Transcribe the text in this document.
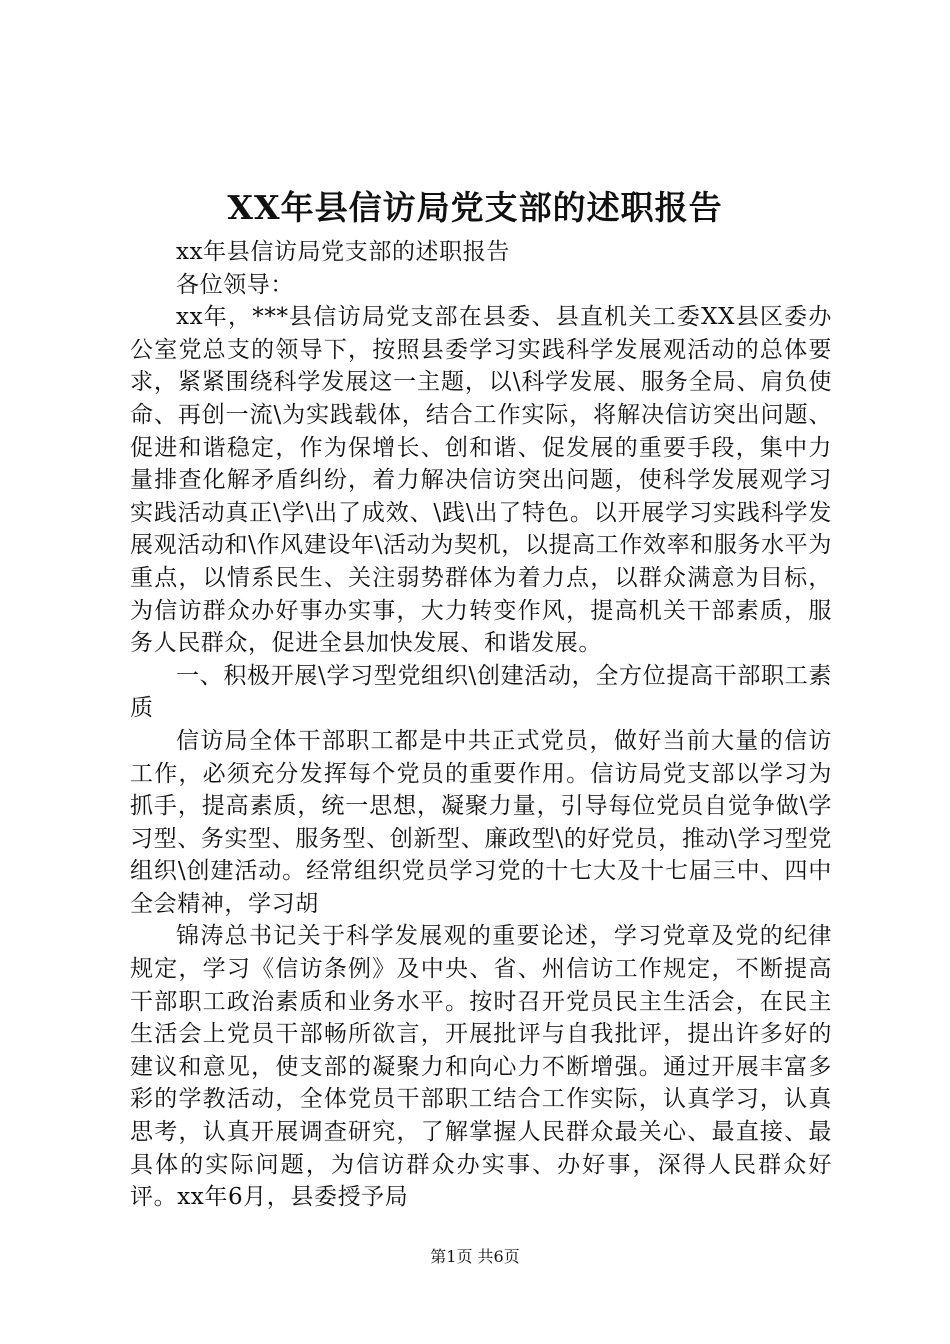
XX年县信访局党支部的述职报告

xx年县信访局党支部的述职报告

各位领导：

xx年，***县信访局党支部在县委、县直机关工委XX县区委办公室党总支的领导下，按照县委学习实践科学发展观活动的总体要求，紧紧围绕科学发展这一主题，以\科学发展、服务全局、肩负使命、再创一流\为实践载体，结合工作实际，将解决信访突出问题、促进和谐稳定，作为保增长、创和谐、促发展的重要手段，集中力量排查化解矛盾纠纷，着力解决信访突出问题，使科学发展观学习实践活动真正\学\出了成效、\践\出了特色。以开展学习实践科学发展观活动和\作风建设年\活动为契机，以提高工作效率和服务水平为重点，以情系民生、关注弱势群体为着力点，以群众满意为目标，为信访群众办好事办实事，大力转变作风，提高机关干部素质，服务人民群众，促进全县加快发展、和谐发展。

一、积极开展\学习型党组织\创建活动，全方位提高干部职工素质

信访局全体干部职工都是中共正式党员，做好当前大量的信访工作，必须充分发挥每个党员的重要作用。信访局党支部以学习为抓手，提高素质，统一思想，凝聚力量，引导每位党员自觉争做\学习型、务实型、服务型、创新型、廉政型\的好党员，推动\学习型党组织\创建活动。经常组织党员学习党的十七大及十七届三中、四中全会精神，学习胡

锦涛总书记关于科学发展观的重要论述，学习党章及党的纪律规定，学习《信访条例》及中央、省、州信访工作规定，不断提高干部职工政治素质和业务水平。按时召开党员民主生活会，在民主生活会上党员干部畅所欲言，开展批评与自我批评，提出许多好的建议和意见，使支部的凝聚力和向心力不断增强。通过开展丰富多彩的学教活动，全体党员干部职工结合工作实际，认真学习，认真思考，认真开展调查研究，了解掌握人民群众最关心、最直接、最具体的实际问题，为信访群众办实事、办好事，深得人民群众好评。xx年6月，县委授予局

第1页 共6页
